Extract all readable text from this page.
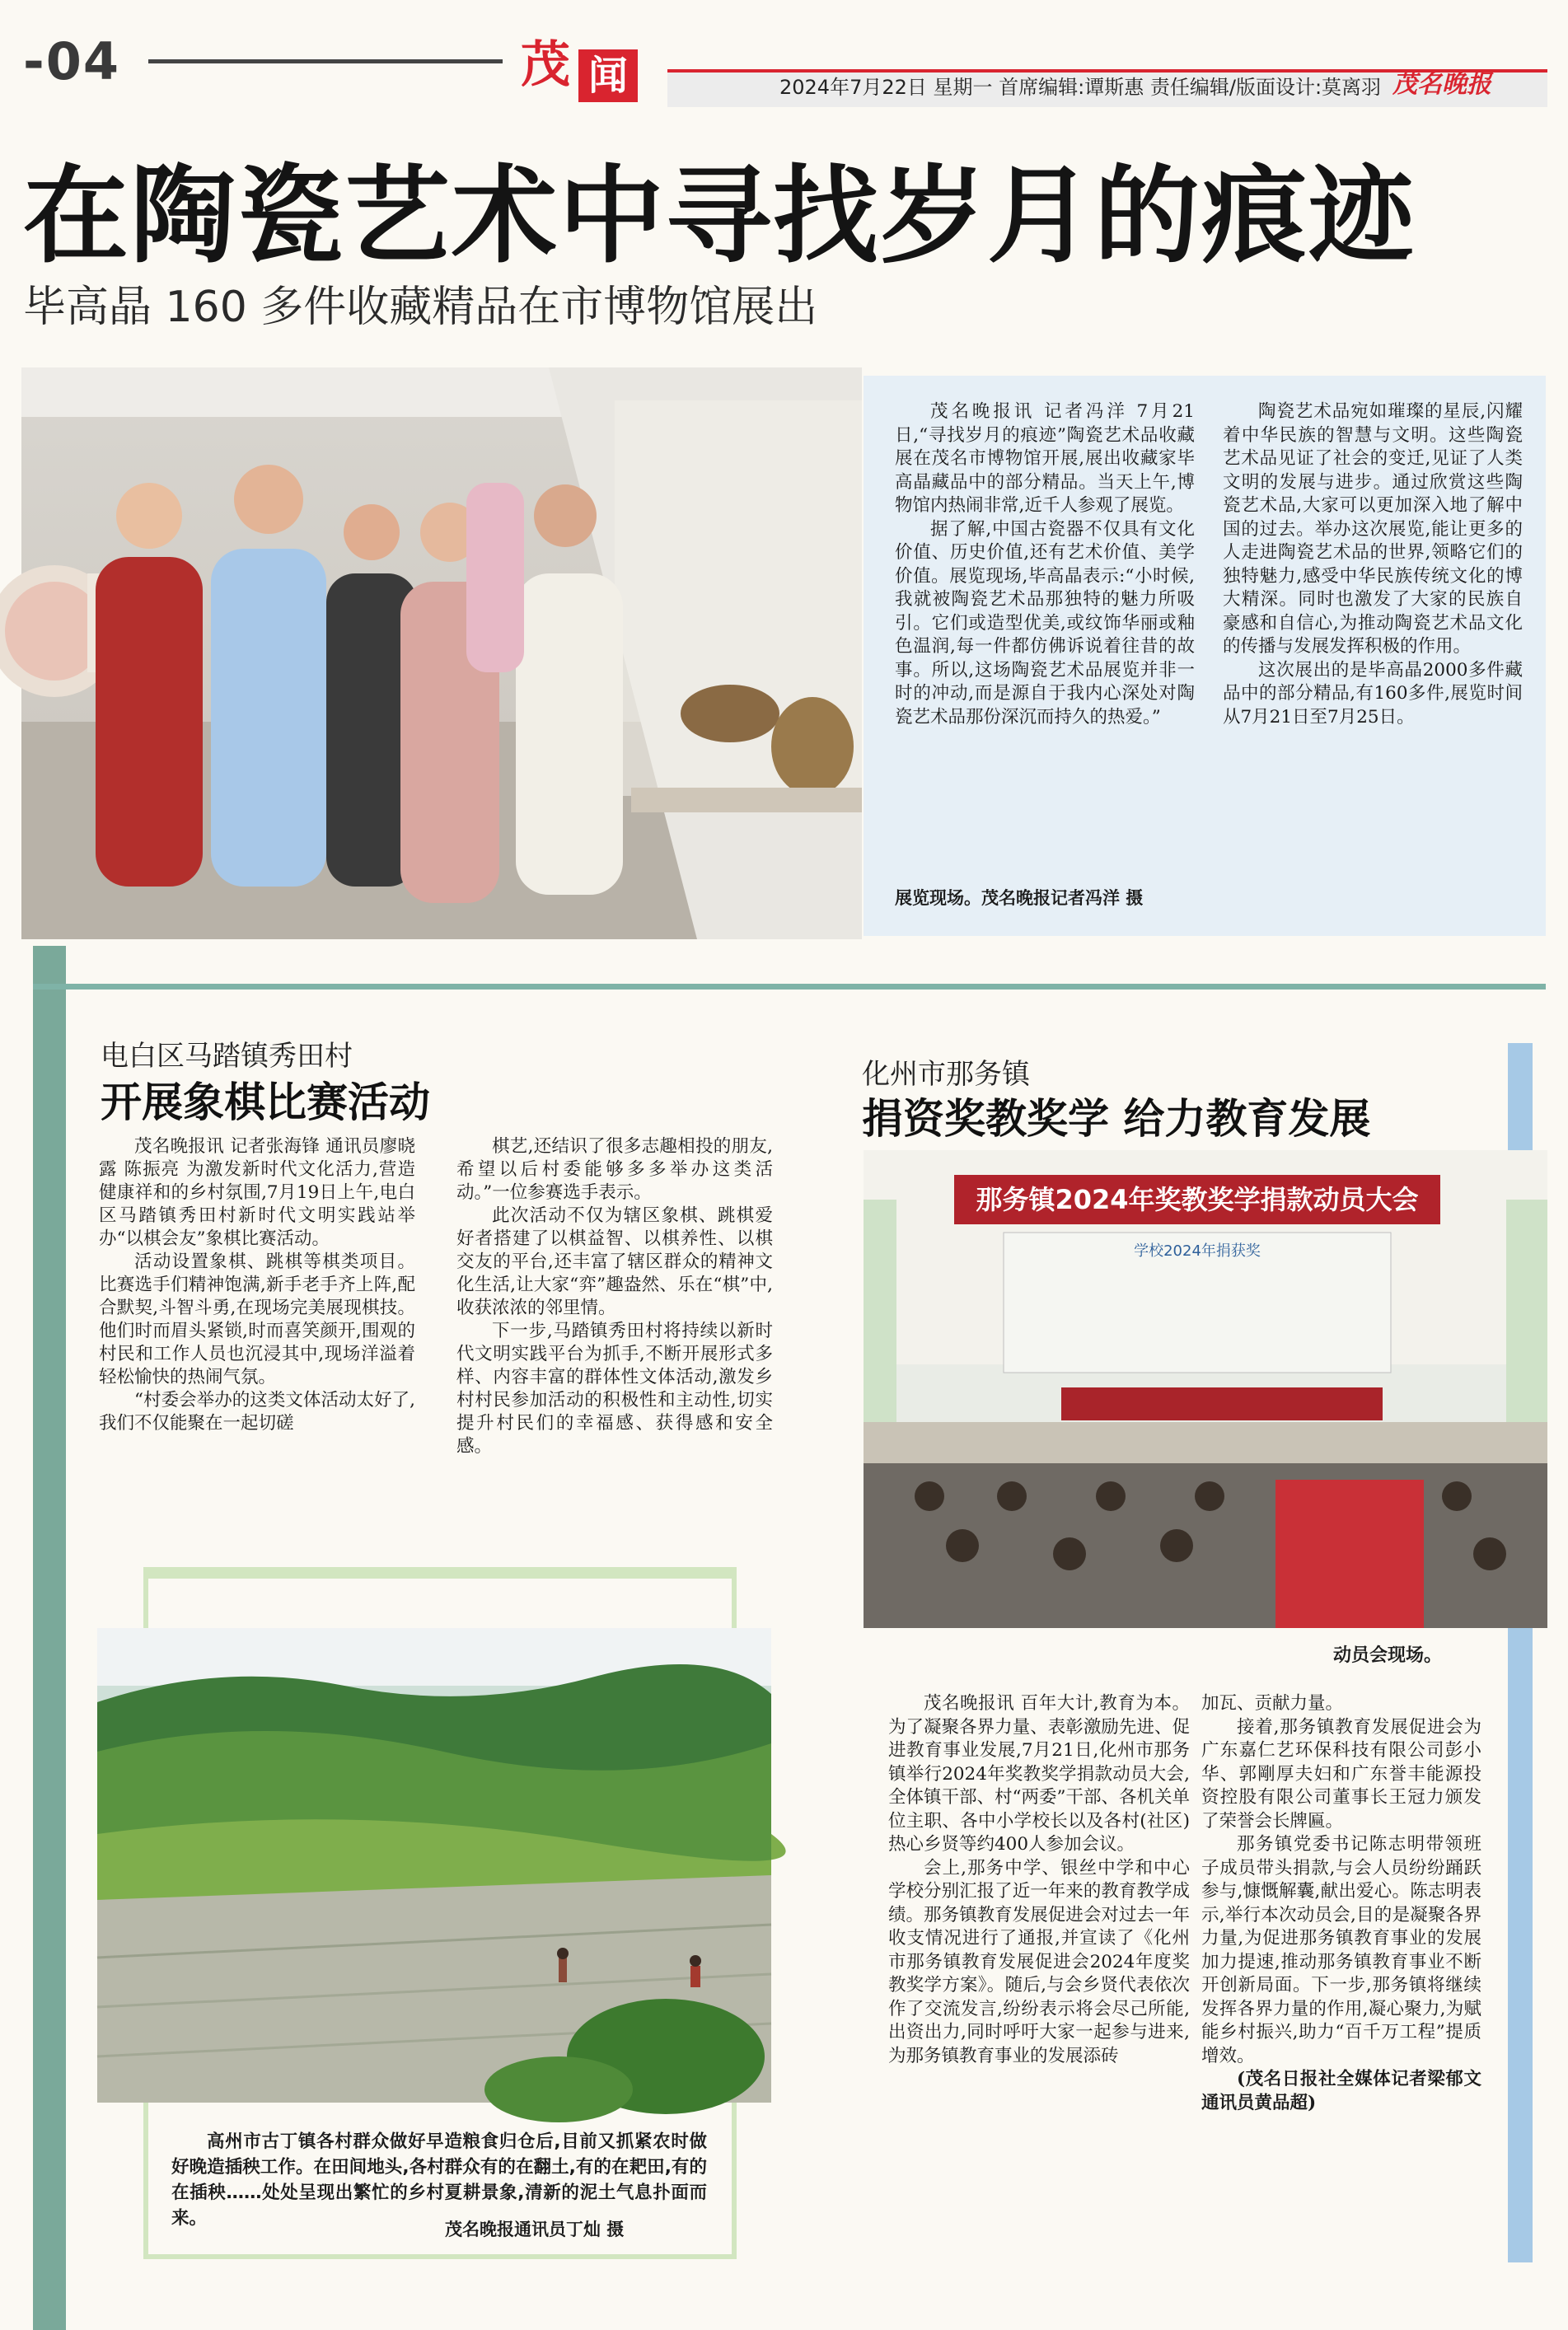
-04	茂 闻	2024年7月22日 星期一 首席编辑:谭斯惠 责任编辑/版面设计:莫离羽 茂名晚报
在陶瓷艺术中寻找岁月的痕迹
毕高晶 160 多件收藏精品在市博物馆展出

茂名晚报讯 记者冯洋 7月21日,“寻找岁月的痕迹”陶瓷艺术品收藏展在茂名市博物馆开展,展出收藏家毕高晶藏品中的部分精品。当天上午,博物馆内热闹非常,近千人参观了展览。

据了解,中国古瓷器不仅具有文化价值、历史价值,还有艺术价值、美学价值。展览现场,毕高晶表示:“小时候,我就被陶瓷艺术品那独特的魅力所吸引。它们或造型优美,或纹饰华丽或釉色温润,每一件都仿佛诉说着往昔的故事。所以,这场陶瓷艺术品展览并非一时的冲动,而是源自于我内心深处对陶瓷艺术品那份深沉而持久的热爱。”

陶瓷艺术品宛如璀璨的星辰,闪耀着中华民族的智慧与文明。这些陶瓷艺术品见证了社会的变迁,见证了人类文明的发展与进步。通过欣赏这些陶瓷艺术品,大家可以更加深入地了解中国的过去。举办这次展览,能让更多的人走进陶瓷艺术品的世界,领略它们的独特魅力,感受中华民族传统文化的博大精深。同时也激发了大家的民族自豪感和自信心,为推动陶瓷艺术品文化的传播与发展发挥积极的作用。

这次展出的是毕高晶2000多件藏品中的部分精品,有160多件,展览时间从7月21日至7月25日。

展览现场。茂名晚报记者冯洋 摄
电白区马踏镇秀田村
开展象棋比赛活动

茂名晚报讯 记者张海锋 通讯员廖晓露 陈振亮 为激发新时代文化活力,营造健康祥和的乡村氛围,7月19日上午,电白区马踏镇秀田村新时代文明实践站举办“以棋会友”象棋比赛活动。

活动设置象棋、跳棋等棋类项目。比赛选手们精神饱满,新手老手齐上阵,配合默契,斗智斗勇,在现场完美展现棋技。他们时而眉头紧锁,时而喜笑颜开,围观的村民和工作人员也沉浸其中,现场洋溢着轻松愉快的热闹气氛。

“村委会举办的这类文体活动太好了,我们不仅能聚在一起切磋

棋艺,还结识了很多志趣相投的朋友,希望以后村委能够多多举办这类活动。”一位参赛选手表示。

此次活动不仅为辖区象棋、跳棋爱好者搭建了以棋益智、以棋养性、以棋交友的平台,还丰富了辖区群众的精神文化生活,让大家“弈”趣盎然、乐在“棋”中,收获浓浓的邻里情。

下一步,马踏镇秀田村将持续以新时代文明实践平台为抓手,不断开展形式多样、内容丰富的群体性文体活动,激发乡村村民参加活动的积极性和主动性,切实提升村民们的幸福感、获得感和安全感。

高州市古丁镇各村群众做好早造粮食归仓后,目前又抓紧农时做好晚造插秧工作。在田间地头,各村群众有的在翻土,有的在耙田,有的在插秧……处处呈现出繁忙的乡村夏耕景象,清新的泥土气息扑面而来。

茂名晚报通讯员丁灿 摄
化州市那务镇
捐资奖教奖学 给力教育发展
那务镇2024年奖教奖学捐款动员大会
学校2024年捐获奖
动员会现场。

茂名晚报讯 百年大计,教育为本。为了凝聚各界力量、表彰激励先进、促进教育事业发展,7月21日,化州市那务镇举行2024年奖教奖学捐款动员大会,全体镇干部、村“两委”干部、各机关单位主职、各中小学校长以及各村(社区)热心乡贤等约400人参加会议。

会上,那务中学、银丝中学和中心学校分别汇报了近一年来的教育教学成绩。那务镇教育发展促进会对过去一年收支情况进行了通报,并宣读了《化州市那务镇教育发展促进会2024年度奖教奖学方案》。随后,与会乡贤代表依次作了交流发言,纷纷表示将会尽己所能,出资出力,同时呼吁大家一起参与进来,为那务镇教育事业的发展添砖

加瓦、贡献力量。

接着,那务镇教育发展促进会为广东嘉仁艺环保科技有限公司彭小华、郭剛厚夫妇和广东誉丰能源投资控股有限公司董事长王冠力颁发了荣誉会长牌匾。

那务镇党委书记陈志明带领班子成员带头捐款,与会人员纷纷踊跃参与,慷慨解囊,献出爱心。陈志明表示,举行本次动员会,目的是凝聚各界力量,为促进那务镇教育事业的发展加力提速,推动那务镇教育事业不断开创新局面。下一步,那务镇将继续发挥各界力量的作用,凝心聚力,为赋能乡村振兴,助力“百千万工程”提质增效。

(茂名日报社全媒体记者梁郁文 通讯员黄品超)
